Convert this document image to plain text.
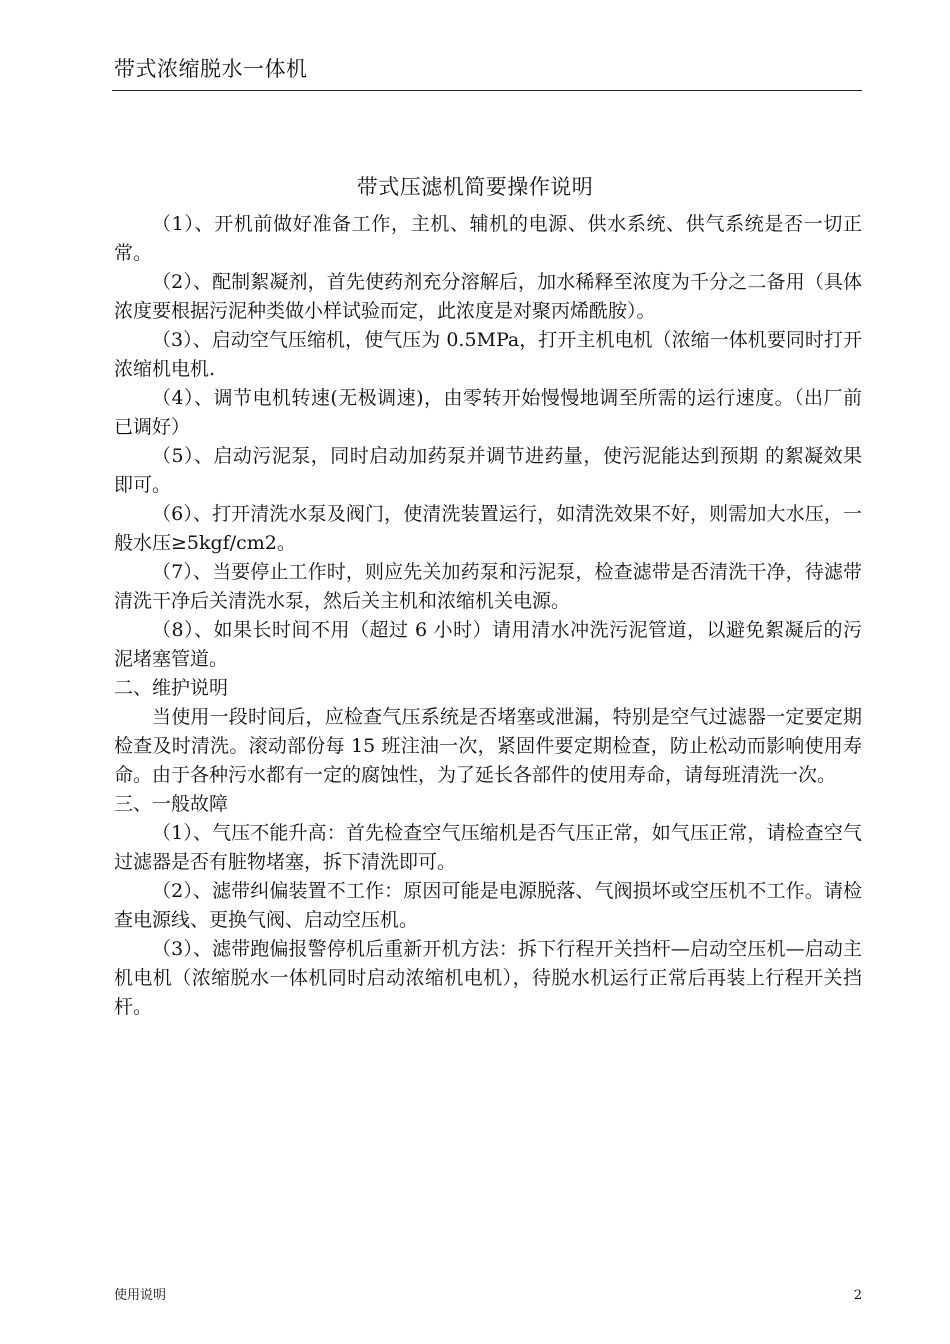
带式浓缩脱水一体机
带式压滤机简要操作说明

（1）、开机前做好准备工作，主机、辅机的电源、供水系统、供气系统是否一切正常。

（2）、配制絮凝剂，首先使药剂充分溶解后，加水稀释至浓度为千分之二备用（具体浓度要根据污泥种类做小样试验而定，此浓度是对聚丙烯酰胺）。

（3）、启动空气压缩机，使气压为 0.5MPa，打开主机电机（浓缩一体机要同时打开浓缩机电机.

（4）、调节电机转速(无极调速)，由零转开始慢慢地调至所需的运行速度。（出厂前已调好）

（5）、启动污泥泵，同时启动加药泵并调节进药量，使污泥能达到预期 的絮凝效果即可。

（6）、打开清洗水泵及阀门，使清洗装置运行，如清洗效果不好，则需加大水压，一般水压≥5kgf/cm2。

（7）、当要停止工作时，则应先关加药泵和污泥泵，检查滤带是否清洗干净，待滤带清洗干净后关清洗水泵，然后关主机和浓缩机关电源。

（8）、如果长时间不用（超过 6 小时）请用清水冲洗污泥管道，以避免絮凝后的污泥堵塞管道。

二、维护说明

当使用一段时间后，应检查气压系统是否堵塞或泄漏，特别是空气过滤器一定要定期检查及时清洗。滚动部份每 15 班注油一次，紧固件要定期检查，防止松动而影响使用寿命。由于各种污水都有一定的腐蚀性，为了延长各部件的使用寿命，请每班清洗一次。

三、一般故障

（1）、气压不能升高：首先检查空气压缩机是否气压正常，如气压正常，请检查空气过滤器是否有脏物堵塞，拆下清洗即可。

（2）、滤带纠偏装置不工作：原因可能是电源脱落、气阀损坏或空压机不工作。请检查电源线、更换气阀、启动空压机。

（3）、滤带跑偏报警停机后重新开机方法：拆下行程开关挡杆—启动空压机—启动主机电机（浓缩脱水一体机同时启动浓缩机电机），待脱水机运行正常后再装上行程开关挡杆。

使用说明	2
